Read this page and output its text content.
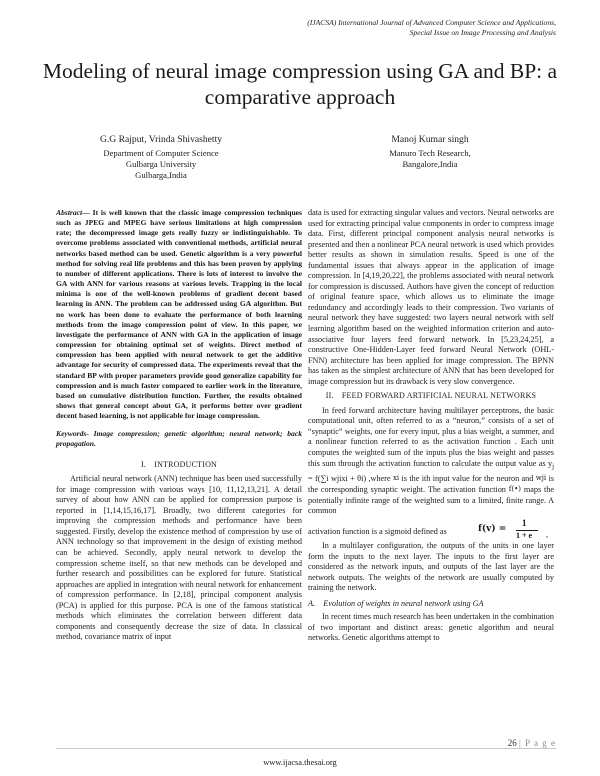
(IJACSA) International Journal of Advanced Computer Science and Applications,
Special Issue on Image Processing and Analysis
Modeling of neural image compression using GA and BP: a comparative approach
G.G Rajput, Vrinda Shivashetty
Department of Computer Science
Gulbarga University
Gulbarga,India
Manoj Kumar singh
Manuro Tech Research,
Bangalore,India

Abstract— It is well known that the classic image compression techniques such as JPEG and MPEG have serious limitations at high compression rate; the decompressed image gets really fuzzy or indistinguishable. To overcome problems associated with conventional methods, artificial neural networks based method can be used. Genetic algorithm is a very powerful method for solving real life problems and this has been proven by applying to number of different applications. There is lots of interest to involve the GA with ANN for various reasons at various levels. Trapping in the local minima is one of the well-known problems of gradient decent based learning in ANN. The problem can be addressed using GA algorithm. But no work has been done to evaluate the performance of both learning methods from the image compression point of view. In this paper, we investigate the performance of ANN with GA in the application of image compression for obtaining optimal set of weights. Direct method of compression has been applied with neural network to get the additive advantage for security of compressed data. The experiments reveal that the standard BP with proper parameters provide good generalize capability for compression and is much faster compared to earlier work in the literature, based on cumulative distribution function. Further, the results obtained shows that general concept about GA, it performs better over gradient decent based learning, is not applicable for image compression.

Keywords- Image compression; genetic algorithm; neural network; back propagation.

I. INTRODUCTION

Artificial neural network (ANN) technique has been used successfully for image compression with various ways [10, 11,12,13,21]. A detail survey of about how ANN can be applied for compression purpose is reported in [1,14,15,16,17]. Broadly, two different categories for improving the compression methods and performance have been suggested. Firstly, develop the existence method of compression by use of ANN technology so that improvement in the design of existing method can be achieved. Secondly, apply neural network to develop the compression scheme itself, so that new methods can be developed and further research and possibilities can be explored for future. Statistical approaches are applied in integration with neural network for enhancement of compression performance. In [2,18], principal component analysis (PCA) is applied for this purpose. PCA is one of the famous statistical methods which eliminates the correlation between different data components and consequently decrease the size of data. In classical method, covariance matrix of input

data is used for extracting singular values and vectors. Neural networks are used for extracting principal value components in order to compress image data. First, different principal component analysis neural networks is presented and then a nonlinear PCA neural network is used which provides better results as shown in simulation results. Speed is one of the fundamental issues that always appear in the application of image compression. In [4,19,20,22], the problems associated with neural network for compression is discussed. Authors have given the concept of reduction of original feature space, which allows us to eliminate the image redundancy and accordingly leads to their compression. Two variants of neural network they have suggested: two layers neural network with self learning algorithm based on the weighted information criterion and auto-associative four layers feed forward network. In [5,23,24,25], a constructive One-Hidden-Layer feed forward Neural Network (OHL-FNN) architecture has been applied for image compression. The BPNN has taken as the simplest architecture of ANN that has been developed for image compression but its drawback is very slow convergence.

II. FEED FORWARD ARTIFICIAL NEURAL NETWORKS

In feed forward architecture having multilayer perceptrons, the basic computational unit, often referred to as a “neuron,” consists of a set of “synaptic” weights, one for every input, plus a bias weight, a summer, and a nonlinear function referred to as the activation function . Each unit computes the weighted sum of the inputs plus the bias weight and passes this sum through the activation function to calculate the output value as $y_j = f(\sum i$ wjixi + θi) ,where xi is the ith input value for the neuron and wji is the corresponding synaptic weight. The activation function f(•) maps the potentially infinite range of the weighted sum to a limited, finite range. A common

activation function is a sigmoid defined as	f(v) =
1
1 + e ,

In a multilayer configuration, the outputs of the units in one layer form the inputs to the next layer. The inputs to the first layer are considered as the network inputs, and outputs of the last layer are the network outputs. The weights of the network are usually computed by training the network.

A. Evolution of weights in neural network using GA

In recent times much research has been undertaken in the combination of two important and distinct areas: genetic algorithm and neural networks. Genetic algorithms attempt to

26 | P a g e
www.ijacsa.thesai.org
